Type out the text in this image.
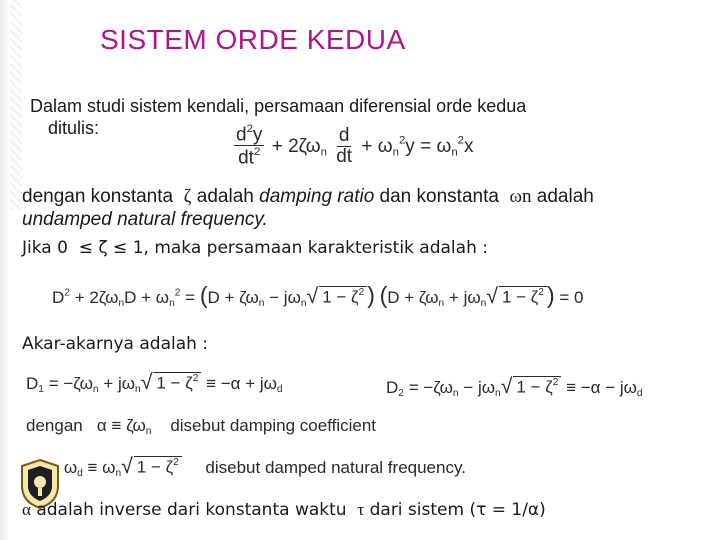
SISTEM ORDE KEDUA
Dalam studi sistem kendali, persamaan diferensial orde kedua
ditulis:	$\frac{d^2y}{dt^2} + 2\zeta\omega_n \frac{d}{dt} + \omega_n^2y = \omega_n^2x$
dengan konstanta ζ adalah damping ratio dan konstanta ωn adalah
undamped natural frequency.
Jika 0 ≤ ζ ≤ 1, maka persamaan karakteristik adalah :
$D^2 + 2\zeta\omega_nD + \omega_n^2 = (D + \zeta\omega_n - j\omega_n√$ $1 - \zeta^2$ ) ($D + \zeta\omega_n + j\omega_n√$ $1 - \zeta^2$ ) = 0
Akar-akarnya adalah :
$D_1 = -\zeta\omega_n + j\omega_n√$ $1 - \zeta^2 \equiv -\alpha + j\omega_d$	$D_2 = -\zeta\omega_n - j\omega_n√$ $1 - \zeta^2 \equiv -\alpha - j\omega_d$
dengan $\alpha \equiv \zeta\omega_n$ disebut damping coefficient
$\omega_d \equiv \omega_n√$ $1 - \zeta^2$ disebut damped natural frequency.
α adalah inverse dari konstanta waktu τ dari sistem (τ = 1/α)
